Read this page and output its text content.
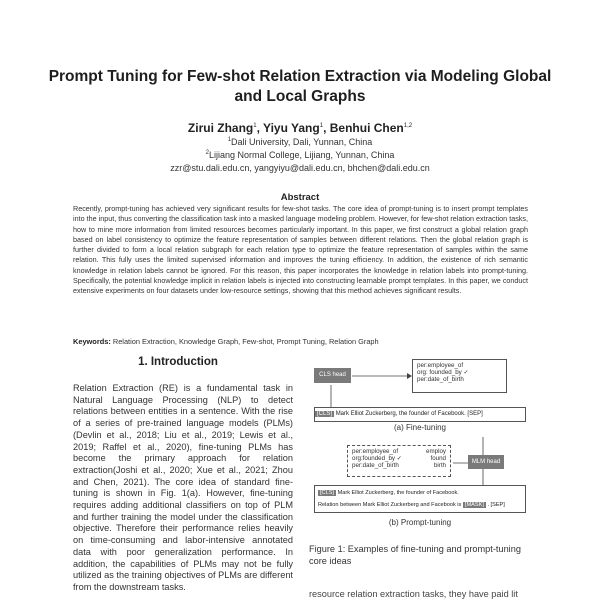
Prompt Tuning for Few-shot Relation Extraction via Modeling Global and Local Graphs
Zirui Zhang$^1$, Yiyu Yang$^1$, Benhui Chen$^{1,2}$
$^1$Dali University, Dali, Yunnan, China
$^2$Lijiang Normal College, Lijiang, Yunnan, China
zzr@stu.dali.edu.cn, yangyiyu@dali.edu.cn, bhchen@dali.edu.cn
Abstract
Recently, prompt-tuning has achieved very significant results for few-shot tasks. The core idea of prompt-tuning is to insert prompt templates into the input, thus converting the classification task into a masked language modeling problem. However, for few-shot relation extraction tasks, how to mine more information from limited resources becomes particularly important. In this paper, we first construct a global relation graph based on label consistency to optimize the feature representation of samples between different relations. Then the global relation graph is further divided to form a local relation subgraph for each relation type to optimize the feature representation of samples within the same relation. This fully uses the limited supervised information and improves the tuning efficiency. In addition, the existence of rich semantic knowledge in relation labels cannot be ignored. For this reason, this paper incorporates the knowledge in relation labels into prompt-tuning. Specifically, the potential knowledge implicit in relation labels is injected into constructing learnable prompt templates. In this paper, we conduct extensive experiments on four datasets under low-resource settings, showing that this method achieves significant results.
Keywords: Relation Extraction, Knowledge Graph, Few-shot, Prompt Tuning, Relation Graph
1. Introduction
Relation Extraction (RE) is a fundamental task in Natural Language Processing (NLP) to detect relations between entities in a sentence. With the rise of a series of pre-trained language models (PLMs)(Devlin et al., 2018; Liu et al., 2019; Lewis et al., 2019; Raffel et al., 2020), fine-tuning PLMs has become the primary approach for relation extraction(Joshi et al., 2020; Xue et al., 2021; Zhou and Chen, 2021). The core idea of standard fine-tuning is shown in Fig. 1(a). However, fine-tuning requires adding additional classifiers on top of PLM and further training the model under the classification objective. Therefore their performance relies heavily on time-consuming and labor-intensive annotated data with poor generalization performance. In addition, the capabilities of PLMs may not be fully utilized as the training objectives of PLMs are different from the downstream tasks.
CLS head
per:employee_of
org: founded_by ✓
per:date_of_birth
[CLS] Mark Elliot Zuckerberg, the founder of Facebook. [SEP]
(a) Fine-tuning
per:employee_of	employ
org:founded_by ✓	found
per:date_of_birth	birth	MLM head
[CLS] Mark Elliot Zuckerberg, the founder of Facebook.
Relation between Mark Elliot Zuckerberg and Facebook is [MASK] . [SEP]
(b) Prompt-tuning
Figure 1: Examples of fine-tuning and prompt-tuning core ideas
resource relation extraction tasks, they have paid lit
